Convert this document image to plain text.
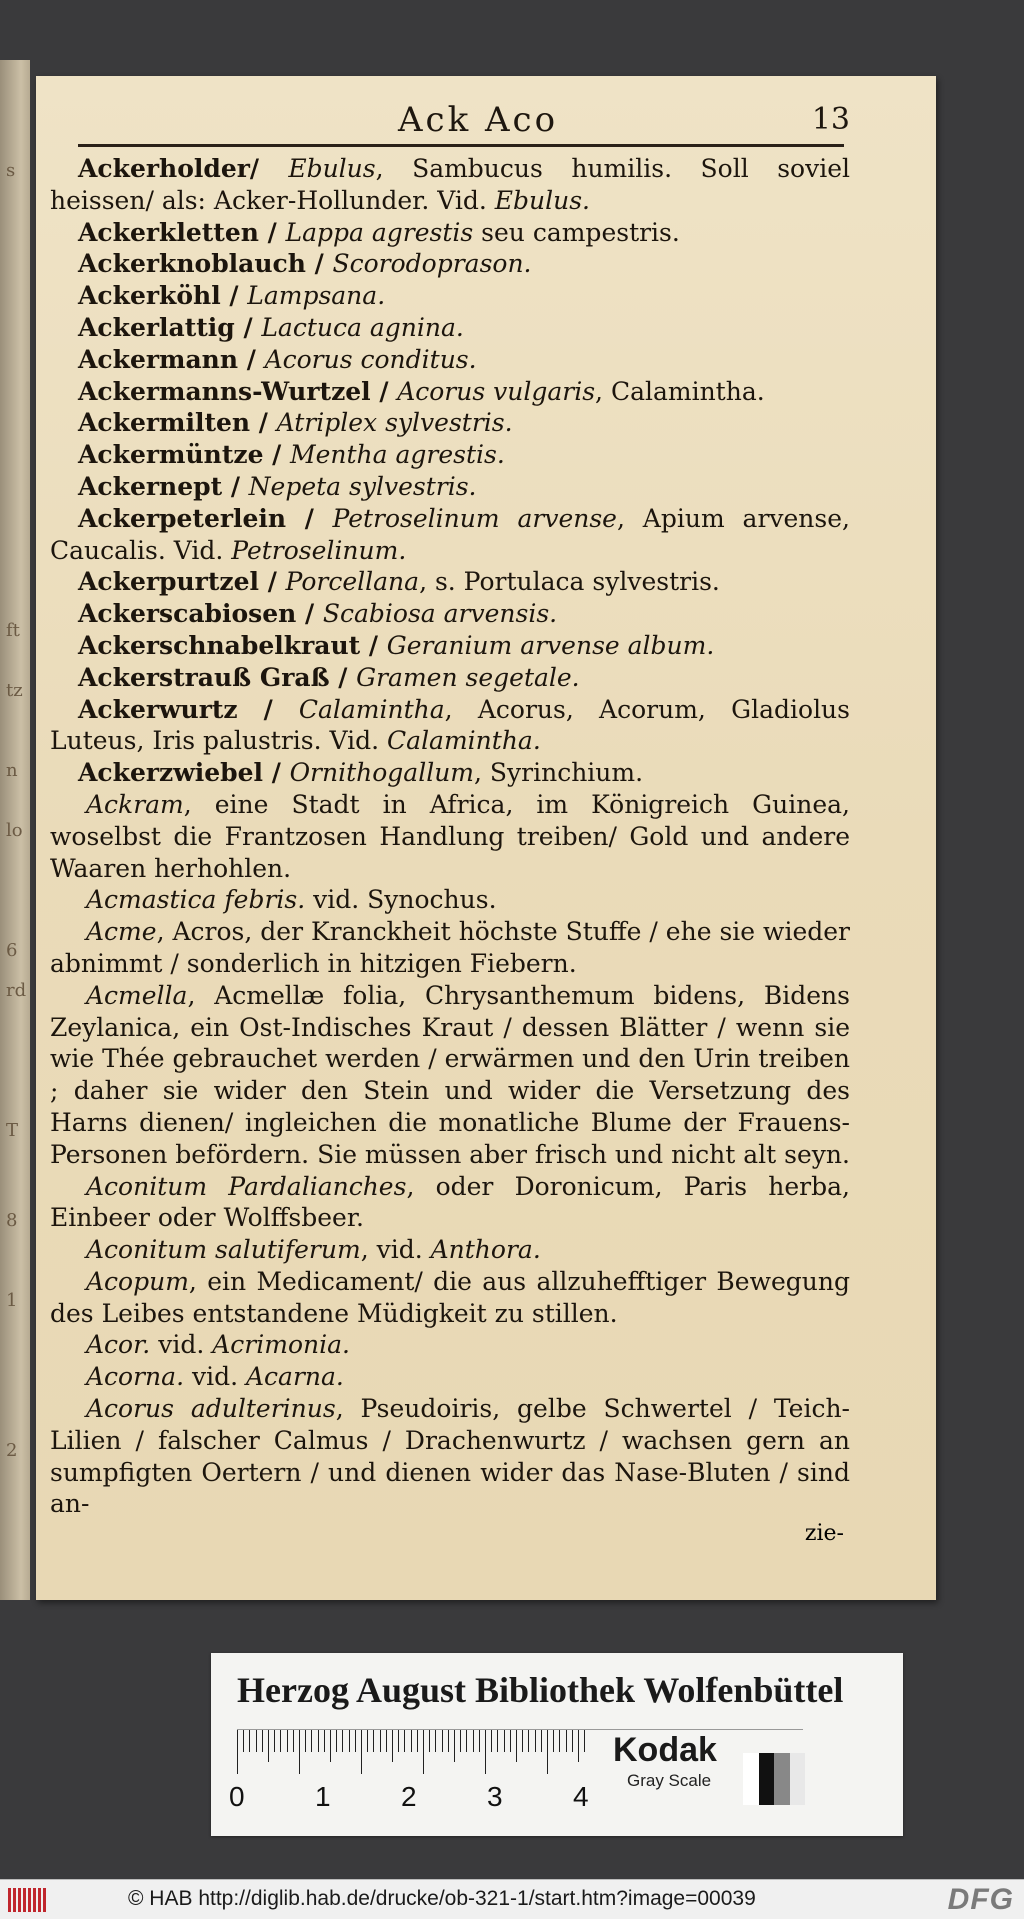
s
ft
tz
n
lo
6
rd
T
8
1
2
Ack Aco	13
Ackerholder/ Ebulus, Sambucus humilis. Soll soviel heissen/ als: Acker-Hollunder. Vid. Ebulus.
Ackerkletten / Lappa agrestis seu campestris.
Ackerknoblauch / Scorodoprason.
Ackerköhl / Lampsana.
Ackerlattig / Lactuca agnina.
Ackermann / Acorus conditus.
Ackermanns-Wurtzel / Acorus vulgaris, Calamintha.
Ackermilten / Atriplex sylvestris.
Ackermüntze / Mentha agrestis.
Ackernept / Nepeta sylvestris.
Ackerpeterlein / Petroselinum arvense, Apium arvense, Caucalis. Vid. Petroselinum.
Ackerpurtzel / Porcellana, s. Portulaca sylvestris.
Ackerscabiosen / Scabiosa arvensis.
Ackerschnabelkraut / Geranium arvense album.
Ackerstrauß Graß / Gramen segetale.
Ackerwurtz / Calamintha, Acorus, Acorum, Gladiolus Luteus, Iris palustris. Vid. Calamintha.
Ackerzwiebel / Ornithogallum, Syrinchium.
Ackram, eine Stadt in Africa, im Königreich Guinea, woselbst die Frantzosen Handlung treiben/ Gold und andere Waaren herhohlen.
Acmastica febris. vid. Synochus.
Acme, Acros, der Kranckheit höchste Stuffe / ehe sie wieder abnimmt / sonderlich in hitzigen Fiebern.
Acmella, Acmellæ folia, Chrysanthemum bidens, Bidens Zeylanica, ein Ost-Indisches Kraut / dessen Blätter / wenn sie wie Thée gebrauchet werden / erwärmen und den Urin treiben ; daher sie wider den Stein und wider die Versetzung des Harns dienen/ ingleichen die monatliche Blume der Frauens-Personen befördern. Sie müssen aber frisch und nicht alt seyn.
Aconitum Pardalianches, oder Doronicum, Paris herba, Einbeer oder Wolffsbeer.
Aconitum salutiferum, vid. Anthora.
Acopum, ein Medicament/ die aus allzuhefftiger Bewegung des Leibes entstandene Müdigkeit zu stillen.
Acor. vid. Acrimonia.
Acorna. vid. Acarna.
Acorus adulterinus, Pseudoiris, gelbe Schwertel / Teich-Lilien / falscher Calmus / Drachenwurtz / wachsen gern an sumpfigten Oertern / und dienen wider das Nase-Bluten / sind an-
zie-
Herzog August Bibliothek Wolfenbüttel
Kodak
Gray Scale
0	1	2	3	4
© HAB http://diglib.hab.de/drucke/ob-321-1/start.htm?image=00039	DFG
